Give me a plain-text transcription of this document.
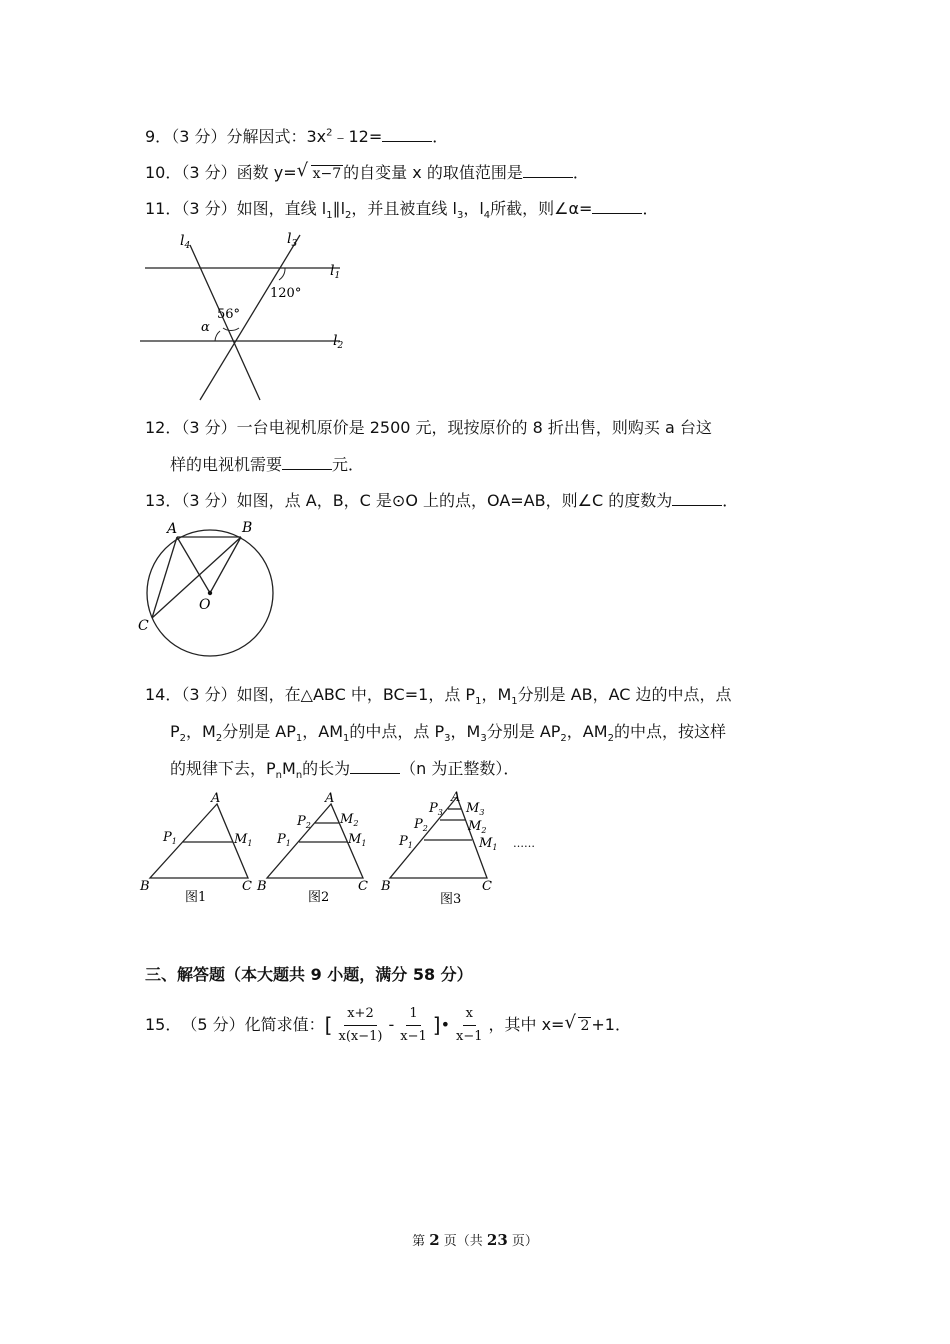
9．（3 分）分解因式：$3x^2﹣12=$	．
10．（3 分）函数 y= √ x−7 的自变量 x 的取值范围是	．
11．（3 分）如图，直线 $l_1\parallel l_2$，并且被直线 $l_3$，$l_4$所截，则∠α=	．
$l_4$	$l_3$
$l_1$
$l_2$
120°
56°
α
12．（3 分）一台电视机原价是 2500 元，现按原价的 8 折出售，则购买 a 台这
样的电视机需要	元．
13．（3 分）如图，点 A，B，C 是⊙O 上的点，OA=AB，则∠C 的度数为	．
A	B
C
O
14．（3 分）如图，在△ABC 中，BC=1，点 $P_1$，$M_1$分别是 AB，AC 边的中点，点
$P_2$，$M_2$分别是 $AP_1$，$AM_1$的中点，点 $P_3$，$M_3$分别是 $AP_2$，$AM_2$的中点，按这样
的规律下去，$P_nM_n$的长为	（n 为正整数）．
A
B	C
$P_1$	$M_1$
图1
A
B	C
$P_2$ $M_2$
$P_1$	$M_1$
图2
A
B	C
$P_3$ $M_3$
$P_2$	$M_2$
$P_1$	$M_1$
图3
……
三、解答题（本大题共 9 小题，满分 58 分）
15． （5 分） 化简求值： [ $\frac{x+2}{x(x-1)} - \frac{1}{x-1}$ ] • $\frac{x}{x-1}$ ，其中 x= √ 2 +1 ．
第 2 页（共 23 页）
